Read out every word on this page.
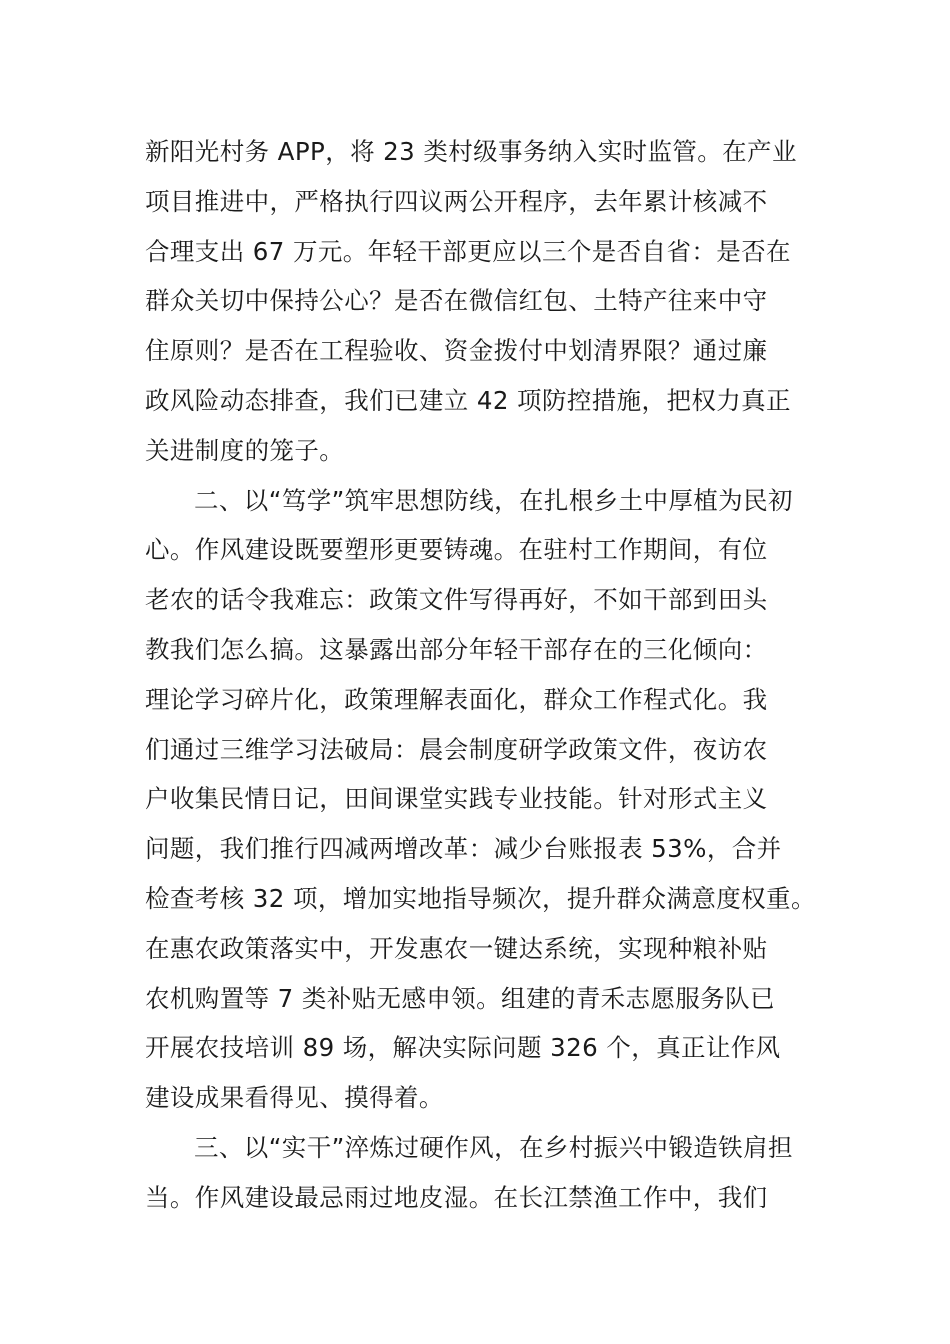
新阳光村务 APP，将 23 类村级事务纳入实时监管。在产业
项目推进中，严格执行四议两公开程序，去年累计核减不
合理支出 67 万元。年轻干部更应以三个是否自省：是否在
群众关切中保持公心？是否在微信红包、土特产往来中守
住原则？是否在工程验收、资金拨付中划清界限？通过廉
政风险动态排查，我们已建立 42 项防控措施，把权力真正
关进制度的笼子。
二、以“笃学”筑牢思想防线，在扎根乡土中厚植为民初
心。作风建设既要塑形更要铸魂。在驻村工作期间，有位
老农的话令我难忘：政策文件写得再好，不如干部到田头
教我们怎么搞。这暴露出部分年轻干部存在的三化倾向：
理论学习碎片化，政策理解表面化，群众工作程式化。我
们通过三维学习法破局：晨会制度研学政策文件，夜访农
户收集民情日记，田间课堂实践专业技能。针对形式主义
问题，我们推行四减两增改革：减少台账报表 53%，合并
检查考核 32 项，增加实地指导频次，提升群众满意度权重。
在惠农政策落实中，开发惠农一键达系统，实现种粮补贴
农机购置等 7 类补贴无感申领。组建的青禾志愿服务队已
开展农技培训 89 场，解决实际问题 326 个，真正让作风
建设成果看得见、摸得着。
三、以“实干”淬炼过硬作风，在乡村振兴中锻造铁肩担
当。作风建设最忌雨过地皮湿。在长江禁渔工作中，我们
